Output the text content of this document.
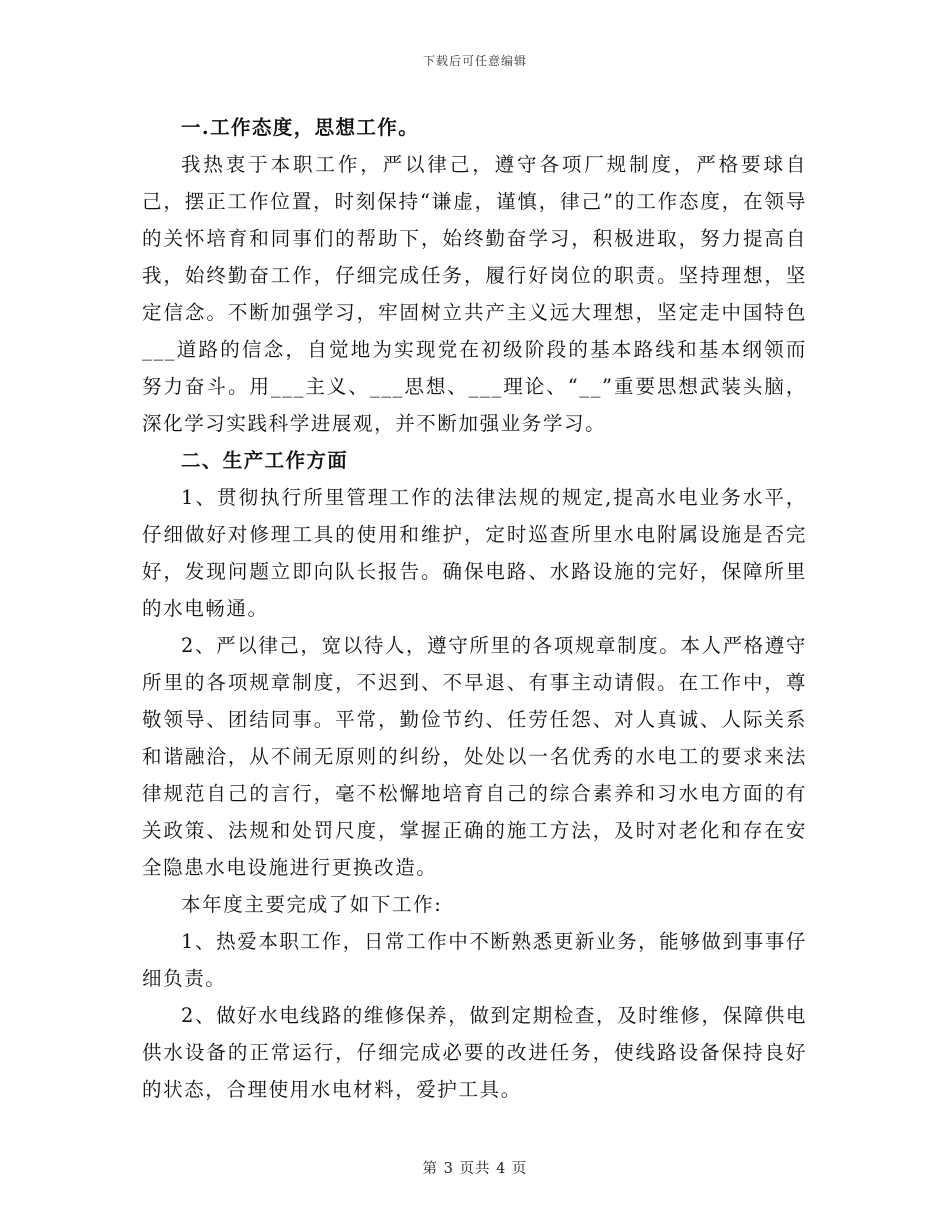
下载后可任意编辑

一.工作态度，思想工作。

我热衷于本职工作，严以律己，遵守各项厂规制度，严格要球自己，摆正工作位置，时刻保持“谦虚，谨慎，律己”的工作态度，在领导的关怀培育和同事们的帮助下，始终勤奋学习，积极进取，努力提高自我，始终勤奋工作，仔细完成任务，履行好岗位的职责。坚持理想，坚定信念。不断加强学习，牢固树立共产主义远大理想，坚定走中国特色___道路的信念，自觉地为实现党在初级阶段的基本路线和基本纲领而努力奋斗。用___主义、___思想、___理论、“__”重要思想武装头脑，深化学习实践科学进展观，并不断加强业务学习。

二、生产工作方面

1、贯彻执行所里管理工作的法律法规的规定,提高水电业务水平，仔细做好对修理工具的使用和维护，定时巡查所里水电附属设施是否完好，发现问题立即向队长报告。确保电路、水路设施的完好，保障所里的水电畅通。

2、严以律己，宽以待人，遵守所里的各项规章制度。本人严格遵守所里的各项规章制度，不迟到、不早退、有事主动请假。在工作中，尊敬领导、团结同事。平常，勤俭节约、任劳任怨、对人真诚、人际关系和谐融洽，从不闹无原则的纠纷，处处以一名优秀的水电工的要求来法律规范自己的言行，毫不松懈地培育自己的综合素养和习水电方面的有关政策、法规和处罚尺度，掌握正确的施工方法，及时对老化和存在安全隐患水电设施进行更换改造。

本年度主要完成了如下工作:

1、热爱本职工作，日常工作中不断熟悉更新业务，能够做到事事仔细负责。

2、做好水电线路的维修保养，做到定期检查，及时维修，保障供电供水设备的正常运行，仔细完成必要的改进任务，使线路设备保持良好的状态，合理使用水电材料，爱护工具。

第 3 页共 4 页
